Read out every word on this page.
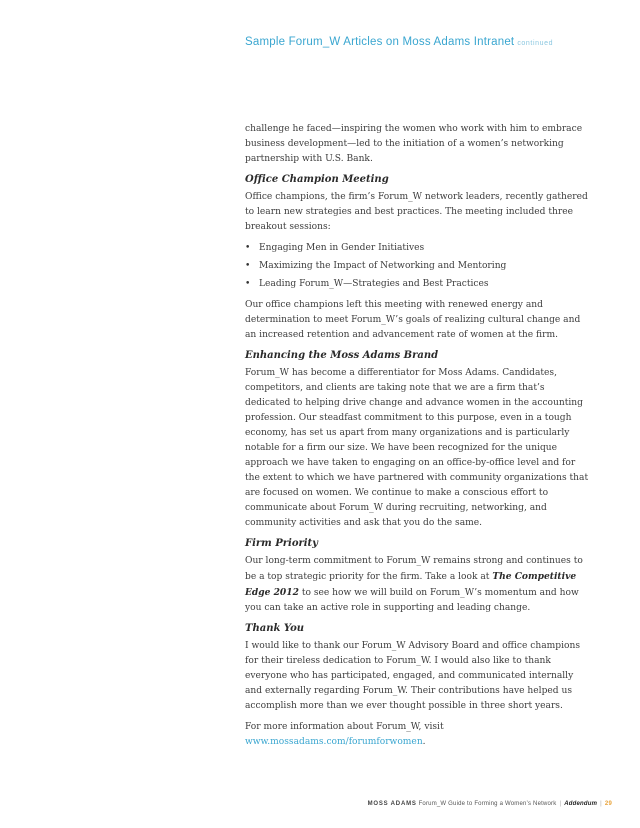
Sample Forum_W Articles on Moss Adams Intranet continued

challenge he faced—inspiring the women who work with him to embrace business development—led to the initiation of a women’s networking partnership with U.S. Bank.

Office Champion Meeting

Office champions, the firm’s Forum_W network leaders, recently gathered to learn new strategies and best practices. The meeting included three breakout sessions:

• Engaging Men in Gender Initiatives
• Maximizing the Impact of Networking and Mentoring
• Leading Forum_W—Strategies and Best Practices

Our office champions left this meeting with renewed energy and determination to meet Forum_W’s goals of realizing cultural change and an increased retention and advancement rate of women at the firm.

Enhancing the Moss Adams Brand

Forum_W has become a differentiator for Moss Adams. Candidates, competitors, and clients are taking note that we are a firm that’s dedicated to helping drive change and advance women in the accounting profession. Our steadfast commitment to this purpose, even in a tough economy, has set us apart from many organizations and is particularly notable for a firm our size. We have been recognized for the unique approach we have taken to engaging on an office-by-office level and for the extent to which we have partnered with community organizations that are focused on women. We continue to make a conscious effort to communicate about Forum_W during recruiting, networking, and community activities and ask that you do the same.

Firm Priority

Our long-term commitment to Forum_W remains strong and continues to be a top strategic priority for the firm. Take a look at The Competitive Edge 2012 to see how we will build on Forum_W’s momentum and how you can take an active role in supporting and leading change.

Thank You

I would like to thank our Forum_W Advisory Board and office champions for their tireless dedication to Forum_W. I would also like to thank everyone who has participated, engaged, and communicated internally and externally regarding Forum_W. Their contributions have helped us accomplish more than we ever thought possible in three short years.

For more information about Forum_W, visit www.mossadams.com/forumforwomen.

MOSS ADAMS Forum_W Guide to Forming a Women’s Network | Addendum | 29
